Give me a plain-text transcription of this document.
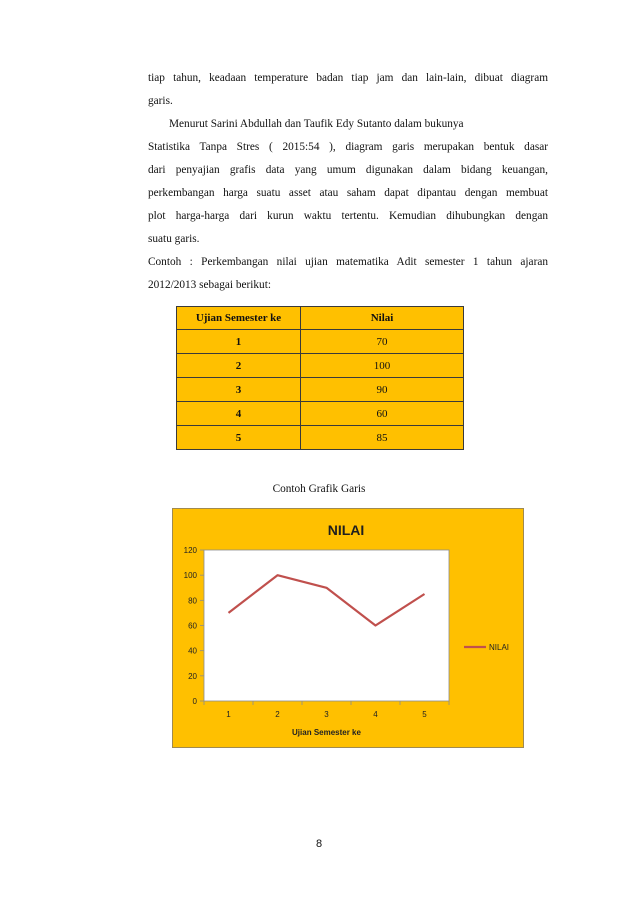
tiap tahun, keadaan temperature badan tiap jam dan lain-lain, dibuat diagram
garis.
Menurut Sarini Abdullah dan Taufik Edy Sutanto dalam bukunya
Statistika Tanpa Stres ( 2015:54 ), diagram garis merupakan bentuk dasar
dari penyajian grafis data yang umum digunakan dalam bidang keuangan,
perkembangan harga suatu asset atau saham dapat dipantau dengan membuat
plot harga-harga dari kurun waktu tertentu. Kemudian dihubungkan dengan
suatu garis.
Contoh : Perkembangan nilai ujian matematika Adit semester 1 tahun ajaran
2012/2013 sebagai berikut:
Ujian Semester ke	Nilai
1	70
2	100
3	90
4	60
5	85
Contoh Grafik Garis
NILAI
0
20
40
60
80
100
120
1	2	3	4	5
Ujian Semester ke
NILAI
8
